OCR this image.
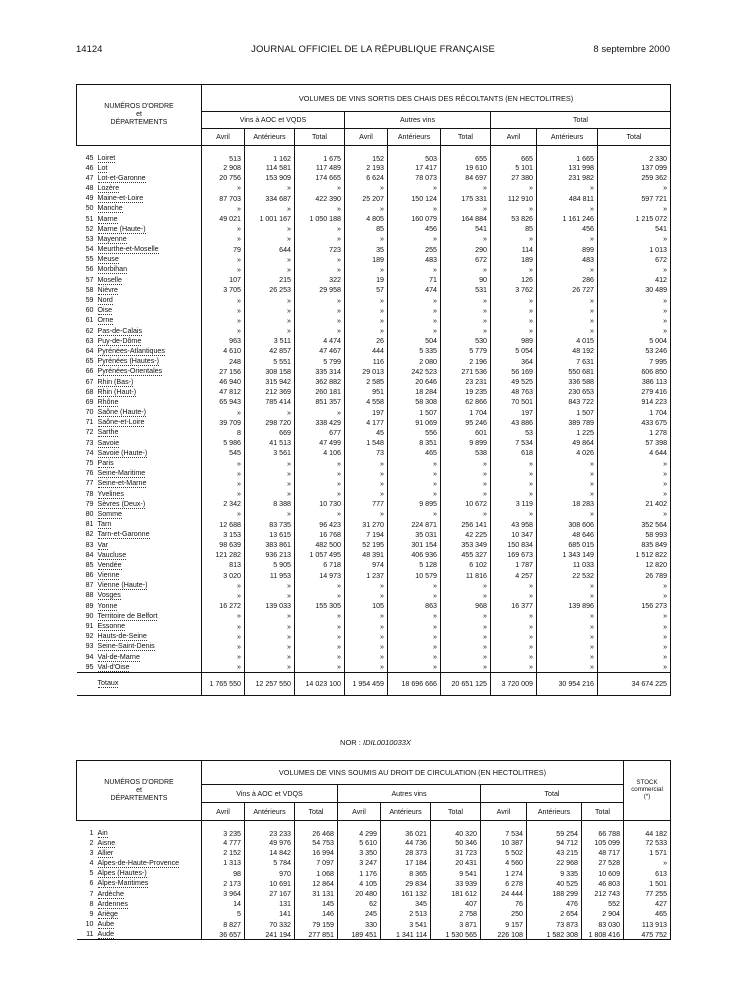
14124	JOURNAL OFFICIEL DE LA RÉPUBLIQUE FRANÇAISE	8 septembre 2000
NUMÉROS D'ORDRE
et
DÉPARTEMENTS	VOLUMES DE VINS SORTIS DES CHAIS DES RÉCOLTANTS (EN HECTOLITRES)								
	Vins à AOC et VQDS			Autres vins			Total		
	Avril	Antérieurs	Total	Avril	Antérieurs	Total	Avril	Antérieurs	Total
45 Loiret	513	1 162	1 675	152	503	655	665	1 665	2 330
46 Lot	2 908	114 581	117 489	2 193	17 417	19 610	5 101	131 998	137 099
47 Lot-et-Garonne	20 756	153 909	174 665	6 624	78 073	84 697	27 380	231 982	259 362
48 Lozère	»	»	»	»	»	»	»	»	»
49 Maine-et-Loire	87 703	334 687	422 390	25 207	150 124	175 331	112 910	484 811	597 721
50 Manche	»	»	»	»	»	»	»	»	»
51 Marne	49 021	1 001 167	1 050 188	4 805	160 079	164 884	53 826	1 161 246	1 215 072
52 Marne (Haute-)	»	»	»	85	456	541	85	456	541
53 Mayenne	»	»	»	»	»	»	»	»	»
54 Meurthe-et-Moselle	79	644	723	35	255	290	114	899	1 013
55 Meuse	»	»	»	189	483	672	189	483	672
56 Morbihan	»	»	»	»	»	»	»	»	»
57 Moselle	107	215	322	19	71	90	126	286	412
58 Nièvre	3 705	26 253	29 958	57	474	531	3 762	26 727	30 489
59 Nord	»	»	»	»	»	»	»	»	»
60 Oise	»	»	»	»	»	»	»	»	»
61 Orne	»	»	»	»	»	»	»	»	»
62 Pas-de-Calais	»	»	»	»	»	»	»	»	»
63 Puy-de-Dôme	963	3 511	4 474	26	504	530	989	4 015	5 004
64 Pyrénées-Atlantiques	4 610	42 857	47 467	444	5 335	5 779	5 054	48 192	53 246
65 Pyrénées (Hautes-)	248	5 551	5 799	116	2 080	2 196	364	7 631	7 995
66 Pyrénées-Orientales	27 156	308 158	335 314	29 013	242 523	271 536	56 169	550 681	606 850
67 Rhin (Bas-)	46 940	315 942	362 882	2 585	20 646	23 231	49 525	336 588	386 113
68 Rhin (Haut-)	47 812	212 369	260 181	951	18 284	19 235	48 763	230 653	279 416
69 Rhône	65 943	785 414	851 357	4 558	58 308	62 866	70 501	843 722	914 223
70 Saône (Haute-)	»	»	»	197	1 507	1 704	197	1 507	1 704
71 Saône-et-Loire	39 709	298 720	338 429	4 177	91 069	95 246	43 886	389 789	433 675
72 Sarthe	8	669	677	45	556	601	53	1 225	1 278
73 Savoie	5 986	41 513	47 499	1 548	8 351	9 899	7 534	49 864	57 398
74 Savoie (Haute-)	545	3 561	4 106	73	465	538	618	4 026	4 644
75 Paris	»	»	»	»	»	»	»	»	»
76 Seine-Maritime	»	»	»	»	»	»	»	»	»
77 Seine-et-Marne	»	»	»	»	»	»	»	»	»
78 Yvelines	»	»	»	»	»	»	»	»	»
79 Sèvres (Deux-)	2 342	8 388	10 730	777	9 895	10 672	3 119	18 283	21 402
80 Somme	»	»	»	»	»	»	»	»	»
81 Tarn	12 688	83 735	96 423	31 270	224 871	256 141	43 958	308 606	352 564
82 Tarn-et-Garonne	3 153	13 615	16 768	7 194	35 031	42 225	10 347	48 646	58 993
83 Var	98 639	383 861	482 500	52 195	301 154	353 349	150 834	685 015	835 849
84 Vaucluse	121 282	936 213	1 057 495	48 391	406 936	455 327	169 673	1 343 149	1 512 822
85 Vendée	813	5 905	6 718	974	5 128	6 102	1 787	11 033	12 820
86 Vienne	3 020	11 953	14 973	1 237	10 579	11 816	4 257	22 532	26 789
87 Vienne (Haute-)	»	»	»	»	»	»	»	»	»
88 Vosges	»	»	»	»	»	»	»	»	»
89 Yonne	16 272	139 033	155 305	105	863	968	16 377	139 896	156 273
90 Territoire de Belfort	»	»	»	»	»	»	»	»	»
91 Essonne	»	»	»	»	»	»	»	»	»
92 Hauts-de-Seine	»	»	»	»	»	»	»	»	»
93 Seine-Saint-Denis	»	»	»	»	»	»	»	»	»
94 Val-de-Marne	»	»	»	»	»	»	»	»	»
95 Val-d'Oise	»	»	»	»	»	»	»	»	»
Totaux	1 765 550	12 257 550	14 023 100	1 954 459	18 696 666	20 651 125	3 720 009	30 954 216	34 674 225
NOR : IDIL0010033X
NUMÉROS D'ORDRE
et
DÉPARTEMENTS	VOLUMES DE VINS SOUMIS AU DROIT DE CIRCULATION (EN HECTOLITRES)									STOCK
commercial
(*)
	Vins à AOC et VDQS			Autres vins			Total			
	Avril	Antérieurs	Total	Avril	Antérieurs	Total	Avril	Antérieurs	Total	
1 Ain	3 235	23 233	26 468	4 299	36 021	40 320	7 534	59 254	66 788	44 182
2 Aisne	4 777	49 976	54 753	5 610	44 736	50 346	10 387	94 712	105 099	72 533
3 Allier	2 152	14 842	16 994	3 350	28 373	31 723	5 502	43 215	48 717	1 571
4 Alpes-de-Haute-Provence	1 313	5 784	7 097	3 247	17 184	20 431	4 560	22 968	27 528	»
5 Alpes (Hautes-)	98	970	1 068	1 176	8 365	9 541	1 274	9 335	10 609	613
6 Alpes-Maritimes	2 173	10 691	12 864	4 105	29 834	33 939	6 278	40 525	46 803	1 501
7 Ardèche	3 964	27 167	31 131	20 480	161 132	181 612	24 444	188 299	212 743	77 255
8 Ardennes	14	131	145	62	345	407	76	476	552	427
9 Ariège	5	141	146	245	2 513	2 758	250	2 654	2 904	465
10 Aube	8 827	70 332	79 159	330	3 541	3 871	9 157	73 873	83 030	113 913
11 Aude	36 657	241 194	277 851	189 451	1 341 114	1 530 565	226 108	1 582 308	1 808 416	475 752
